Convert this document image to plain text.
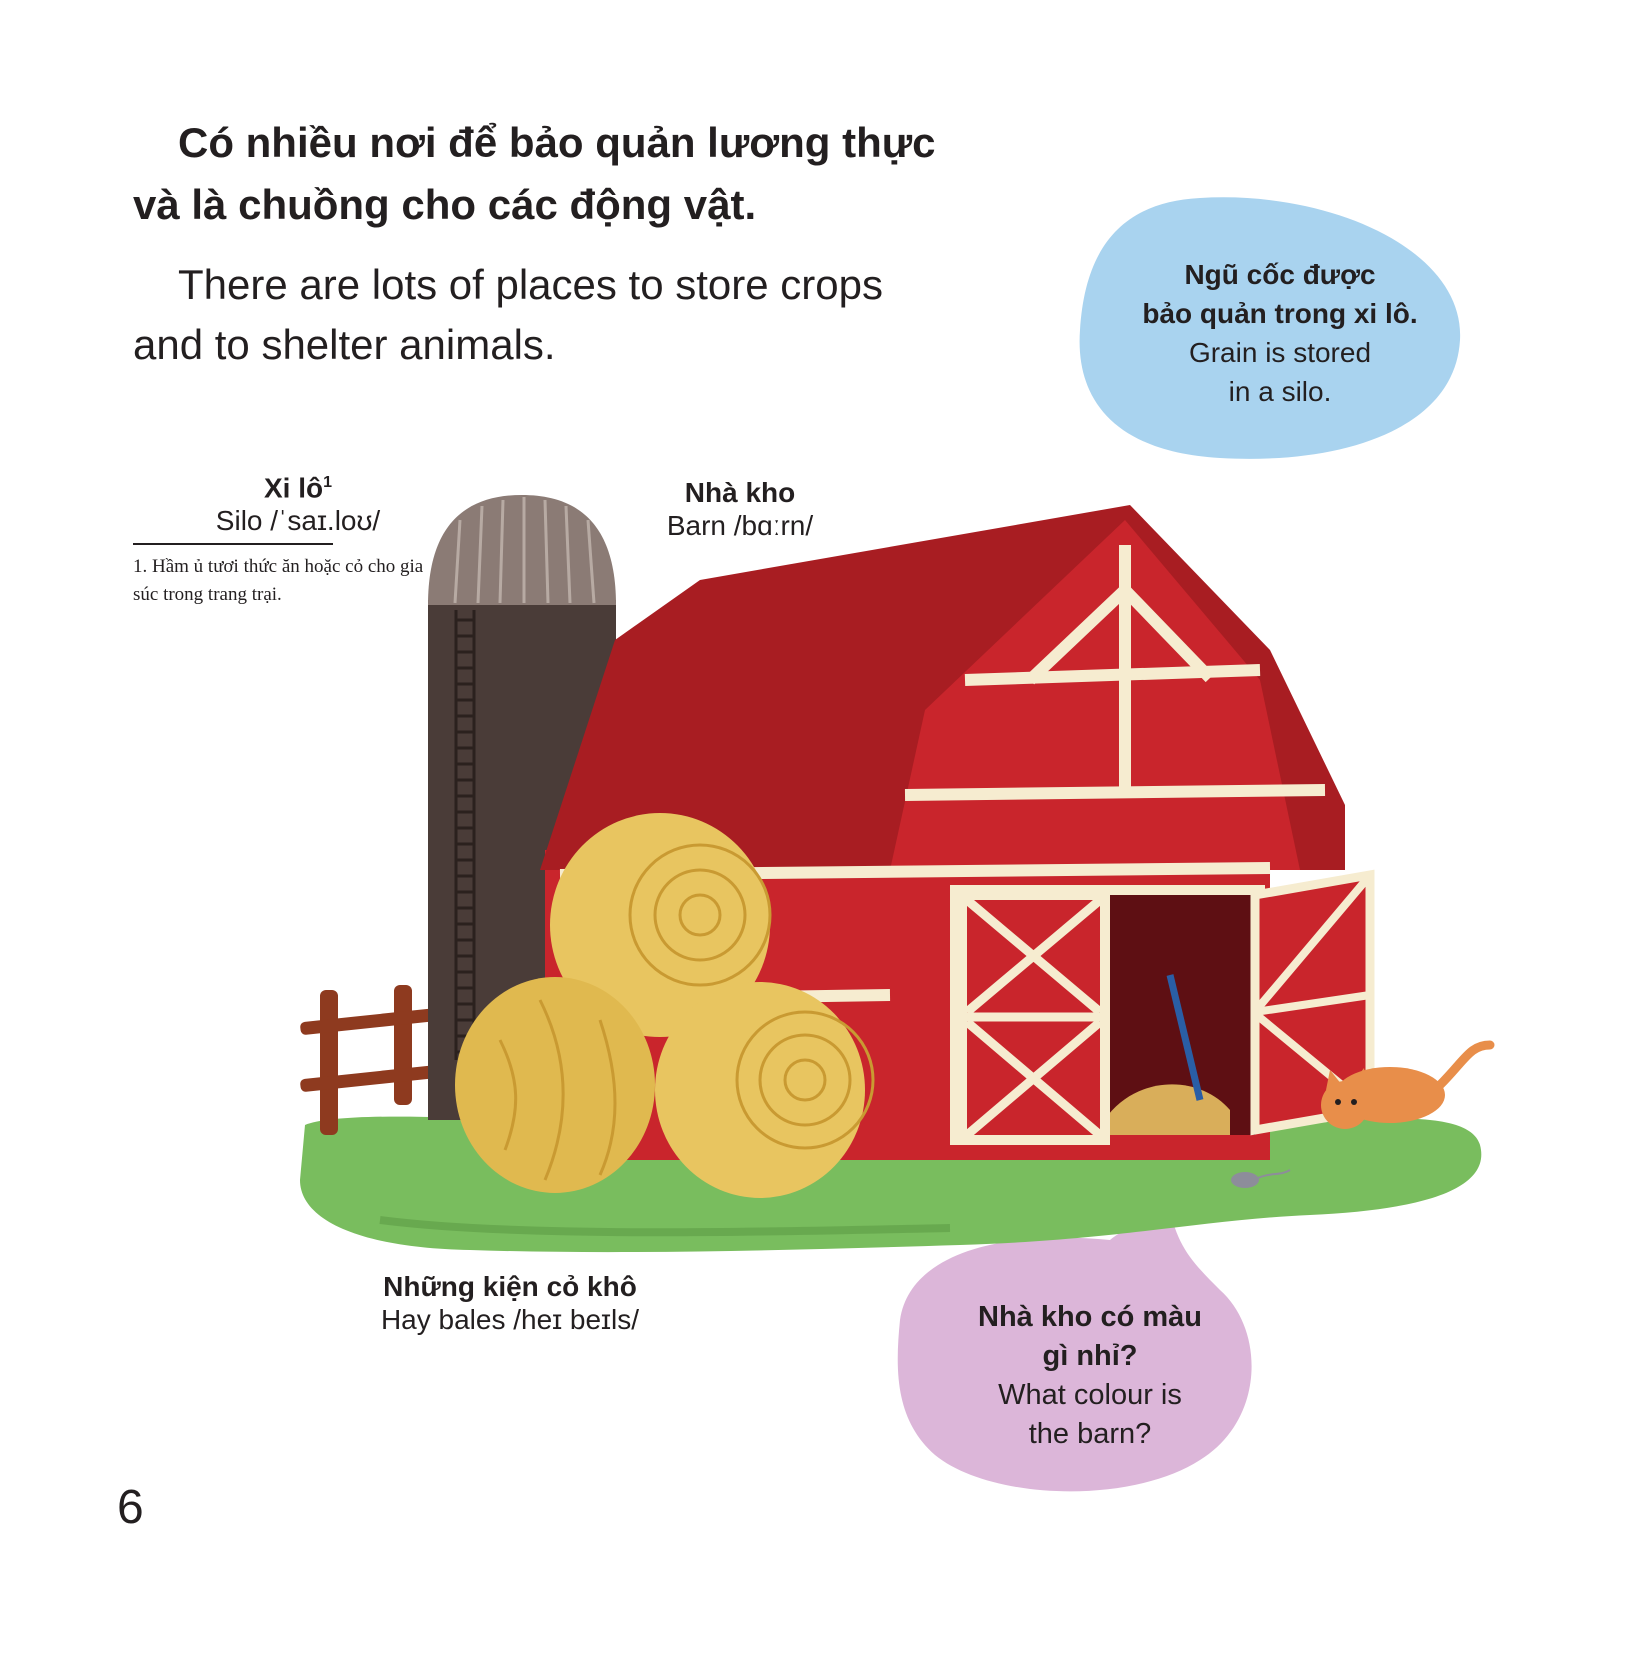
Có nhiều nơi để bảo quản lương thực
và là chuồng cho các động vật.
There are lots of places to store crops
and to shelter animals.
Xi $lô^1$
Silo /ˈsaɪ.loʊ/
1. Hầm ủ tươi thức ăn hoặc cỏ cho gia súc trong trang trại.
Nhà kho
Barn /bɑːrn/
Những kiện cỏ khô
Hay bales /heɪ beɪls/
Ngũ cốc được
bảo quản trong xi lô.
Grain is stored
in a silo.
Nhà kho có màu
gì nhỉ?
What colour is
the barn?
6
